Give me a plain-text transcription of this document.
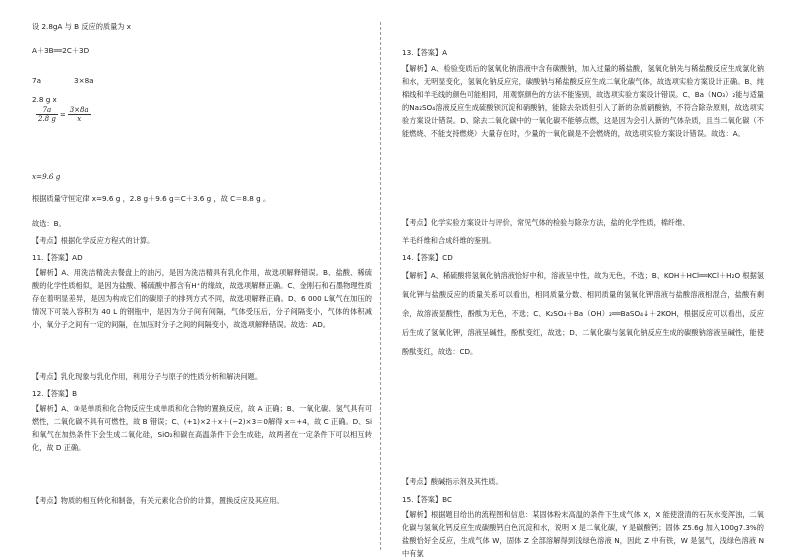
设 2.8gA 与 B 反应的质量为 x
A＋3B══2C＋3D
7a	3×8a
2.8 g x
$\frac{7a}{2.8 g} = \frac{3\times 8a}{x}$
x=9.6 g
根据质量守恒定律 x=9.6 g ，2.8 g＋9.6 g＝C＋3.6 g ，故 C＝8.8 g 。
故选：B。
【考点】根据化学反应方程式的计算。
11.【答案】AD
【解析】A、用洗洁精洗去餐盘上的油污，是因为洗洁精具有乳化作用，故选项解释错误。B、盐酸、稀硫酸的化学性质相似，是因为盐酸、稀硫酸中都含有H⁺的缘故，故选项解释正确。C、金刚石和石墨物理性质存在着明显差异，是因为构成它们的碳原子的排列方式不同，故选项解释正确。D、6 000 L氧气在加压的情况下可装入容积为 40 L 的钢瓶中，是因为分子间有间隔，气体受压后，分子间隔变小，气体的体积减小，氧分子之间有一定的间隔，在加压时分子之间的间隔变小，故选项解释错误。故选：AD。
【考点】乳化现象与乳化作用，利用分子与原子的性质分析和解决问题。
12.【答案】B
【解析】A、③是单质和化合物反应生成单质和化合物的置换反应，故 A 正确；B、一氧化碳、氢气具有可燃性，二氧化碳不具有可燃性，故 B 错误；C、(+1)×2＋x＋(−2)×3＝0解得 x＝+4，故 C 正确。D、Si 和氧气在加热条件下会生成二氧化硅，SiO₂和碳在高温条件下会生成硅，故两者在一定条件下可以相互转化，故 D 正确。
【考点】物质的相互转化和制备，有关元素化合价的计算，置换反应及其应用。
13.【答案】A
【解析】A、检验变质后的氢氧化钠溶液中含有碳酸钠，加入过量的稀盐酸，氢氧化钠先与稀盐酸反应生成氯化钠和水，无明显变化，氢氧化钠反应完，碳酸钠与稀盐酸反应生成二氧化碳气体，故选项实验方案设计正确。B、纯棉线和羊毛线的颜色可能相同，用观察颜色的方法不能鉴别，故选项实验方案设计错误。C、Ba（NO₃）₂能与适量的Na₂SO₄溶液反应生成硫酸钡沉淀和硝酸钠，能除去杂质但引入了新的杂质硝酸钠，不符合除杂原则，故选项实验方案设计错误。D、除去二氧化碳中的一氧化碳不能够点燃，这是因为会引入新的气体杂质，且当二氧化碳（不能燃烧、不能支持燃烧）大量存在时，少量的一氧化碳是不会燃烧的，故选项实验方案设计错误。故选：A。
【考点】化学实验方案设计与评价，常见气体的检验与除杂方法，盐的化学性质，棉纤维、
羊毛纤维和合成纤维的鉴别。
14.【答案】CD
【解析】A、稀硫酸将氢氧化钠溶液恰好中和，溶液呈中性，故为无色，不选；B、KOH＋HCl══KCl＋H₂O 根据氢氧化钾与盐酸反应的质量关系可以看出，相同质量分数、相同质量的氢氧化钾溶液与盐酸溶液相混合，盐酸有剩余，故溶液显酸性，酚酞为无色，不选；C、K₂SO₄＋Ba（OH）₂══BaSO₄↓＋2KOH，根据反应可以看出，反应后生成了氢氧化钾，溶液呈碱性，酚酞变红，故选；D、二氧化碳与氢氧化钠反应生成的碳酸钠溶液呈碱性，能使酚酞变红，故选：CD。
【考点】酸碱指示剂及其性质。
15.【答案】BC
【解析】根据题目给出的流程图和信息：某固体粉末高温的条件下生成气体 X，X 能使澄清的石灰水变浑浊，二氧化碳与氢氧化钙反应生成碳酸钙白色沉淀和水，说明 X 是二氧化碳，Y 是碳酸钙；固体 Z5.6g 加入100g7.3%的盐酸恰好全反应，生成气体 W，固体 Z 全部溶解得到浅绿色溶液 N，因此 Z 中有铁，W 是氢气，浅绿色溶液 N 中有氯
